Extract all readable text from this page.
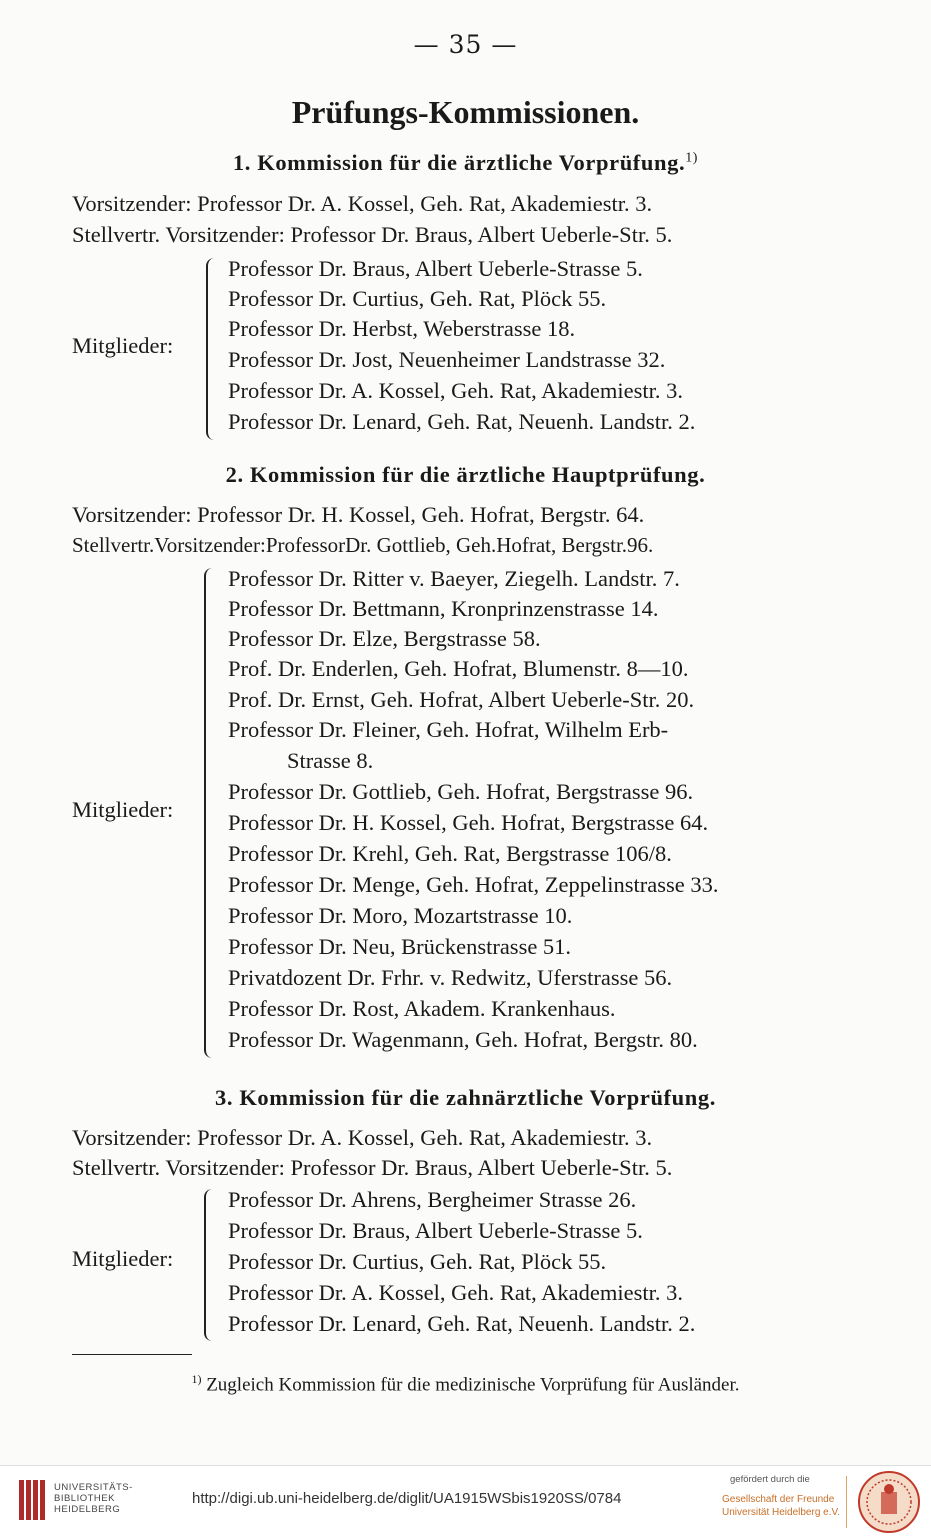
— 35 —
Prüfungs-Kommissionen.
1. Kommission für die ärztliche Vorprüfung.$^{1)}$
Vorsitzender: Professor Dr. A. Kossel, Geh. Rat, Akademiestr. 3.
Stellvertr. Vorsitzender: Professor Dr. Braus, Albert Ueberle-Str. 5.
Mitglieder:
Professor Dr. Braus, Albert Ueberle-Strasse 5.
Professor Dr. Curtius, Geh. Rat, Plöck 55.
Professor Dr. Herbst, Weberstrasse 18.
Professor Dr. Jost, Neuenheimer Landstrasse 32.
Professor Dr. A. Kossel, Geh. Rat, Akademiestr. 3.
Professor Dr. Lenard, Geh. Rat, Neuenh. Landstr. 2.
2. Kommission für die ärztliche Hauptprüfung.
Vorsitzender: Professor Dr. H. Kossel, Geh. Hofrat, Bergstr. 64.
Stellvertr.Vorsitzender:ProfessorDr. Gottlieb, Geh.Hofrat, Bergstr.96.
Mitglieder:
Professor Dr. Ritter v. Baeyer, Ziegelh. Landstr. 7.
Professor Dr. Bettmann, Kronprinzenstrasse 14.
Professor Dr. Elze, Bergstrasse 58.
Prof. Dr. Enderlen, Geh. Hofrat, Blumenstr. 8—10.
Prof. Dr. Ernst, Geh. Hofrat, Albert Ueberle-Str. 20.
Professor Dr. Fleiner, Geh. Hofrat, Wilhelm Erb-
Strasse 8.
Professor Dr. Gottlieb, Geh. Hofrat, Bergstrasse 96.
Professor Dr. H. Kossel, Geh. Hofrat, Bergstrasse 64.
Professor Dr. Krehl, Geh. Rat, Bergstrasse 106/8.
Professor Dr. Menge, Geh. Hofrat, Zeppelinstrasse 33.
Professor Dr. Moro, Mozartstrasse 10.
Professor Dr. Neu, Brückenstrasse 51.
Privatdozent Dr. Frhr. v. Redwitz, Uferstrasse 56.
Professor Dr. Rost, Akadem. Krankenhaus.
Professor Dr. Wagenmann, Geh. Hofrat, Bergstr. 80.
3. Kommission für die zahnärztliche Vorprüfung.
Vorsitzender: Professor Dr. A. Kossel, Geh. Rat, Akademiestr. 3.
Stellvertr. Vorsitzender: Professor Dr. Braus, Albert Ueberle-Str. 5.
Mitglieder:
Professor Dr. Ahrens, Bergheimer Strasse 26.
Professor Dr. Braus, Albert Ueberle-Strasse 5.
Professor Dr. Curtius, Geh. Rat, Plöck 55.
Professor Dr. A. Kossel, Geh. Rat, Akademiestr. 3.
Professor Dr. Lenard, Geh. Rat, Neuenh. Landstr. 2.
$^{1)}$ Zugleich Kommission für die medizinische Vorprüfung für Ausländer.
UNIVERSITÄTS-
BIBLIOTHEK
HEIDELBERG
http://digi.ub.uni-heidelberg.de/diglit/UA1915WSbis1920SS/0784
gefördert durch die
Gesellschaft der Freunde
Universität Heidelberg e.V.
